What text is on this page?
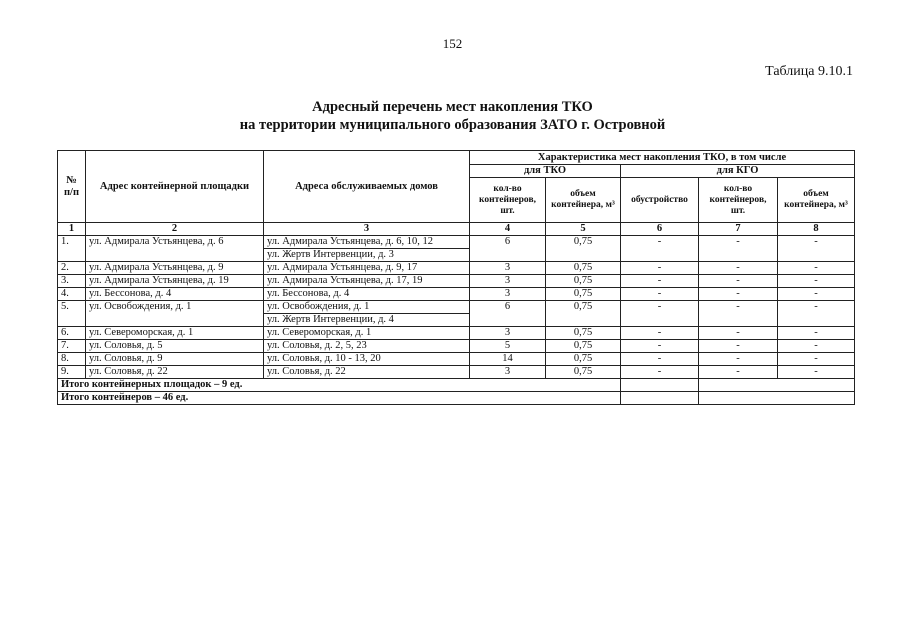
152
Таблица 9.10.1
Адресный перечень мест накопления ТКО
на территории муниципального образования ЗАТО г. Островной
№ п/п	Адрес контейнерной площадки	Адреса обслуживаемых домов	Характеристика мест накопления ТКО, в том числе				
			для ТКО		для КГО		
			кол-во контейнеров, шт.	объем контейнера, м³	обустройство	кол-во контейнеров, шт.	объем контейнера, м³
1	2	3	4	5	6	7	8
1.	ул. Адмирала Устьянцева, д. 6	ул. Адмирала Устьянцева, д. 6, 10, 12	6	0,75	-	-	-
		ул. Жертв Интервенции, д. 3					
2.	ул. Адмирала Устьянцева, д. 9	ул. Адмирала Устьянцева, д. 9, 17	3	0,75	-	-	-
3.	ул. Адмирала Устьянцева, д. 19	ул. Адмирала Устьянцева, д. 17, 19	3	0,75	-	-	-
4.	ул. Бессонова, д. 4	ул. Бессонова, д. 4	3	0,75	-	-	-
5.	ул. Освобождения, д. 1	ул. Освобождения, д. 1	6	0,75	-	-	-
		ул. Жертв Интервенции, д. 4					
6.	ул. Североморская, д. 1	ул. Североморская, д. 1	3	0,75	-	-	-
7.	ул. Соловья, д. 5	ул. Соловья, д. 2, 5, 23	5	0,75	-	-	-
8.	ул. Соловья, д. 9	ул. Соловья, д. 10 - 13, 20	14	0,75	-	-	-
9.	ул. Соловья, д. 22	ул. Соловья, д. 22	3	0,75	-	-	-
Итого контейнерных площадок – 9 ед.							
Итого контейнеров – 46 ед.							
